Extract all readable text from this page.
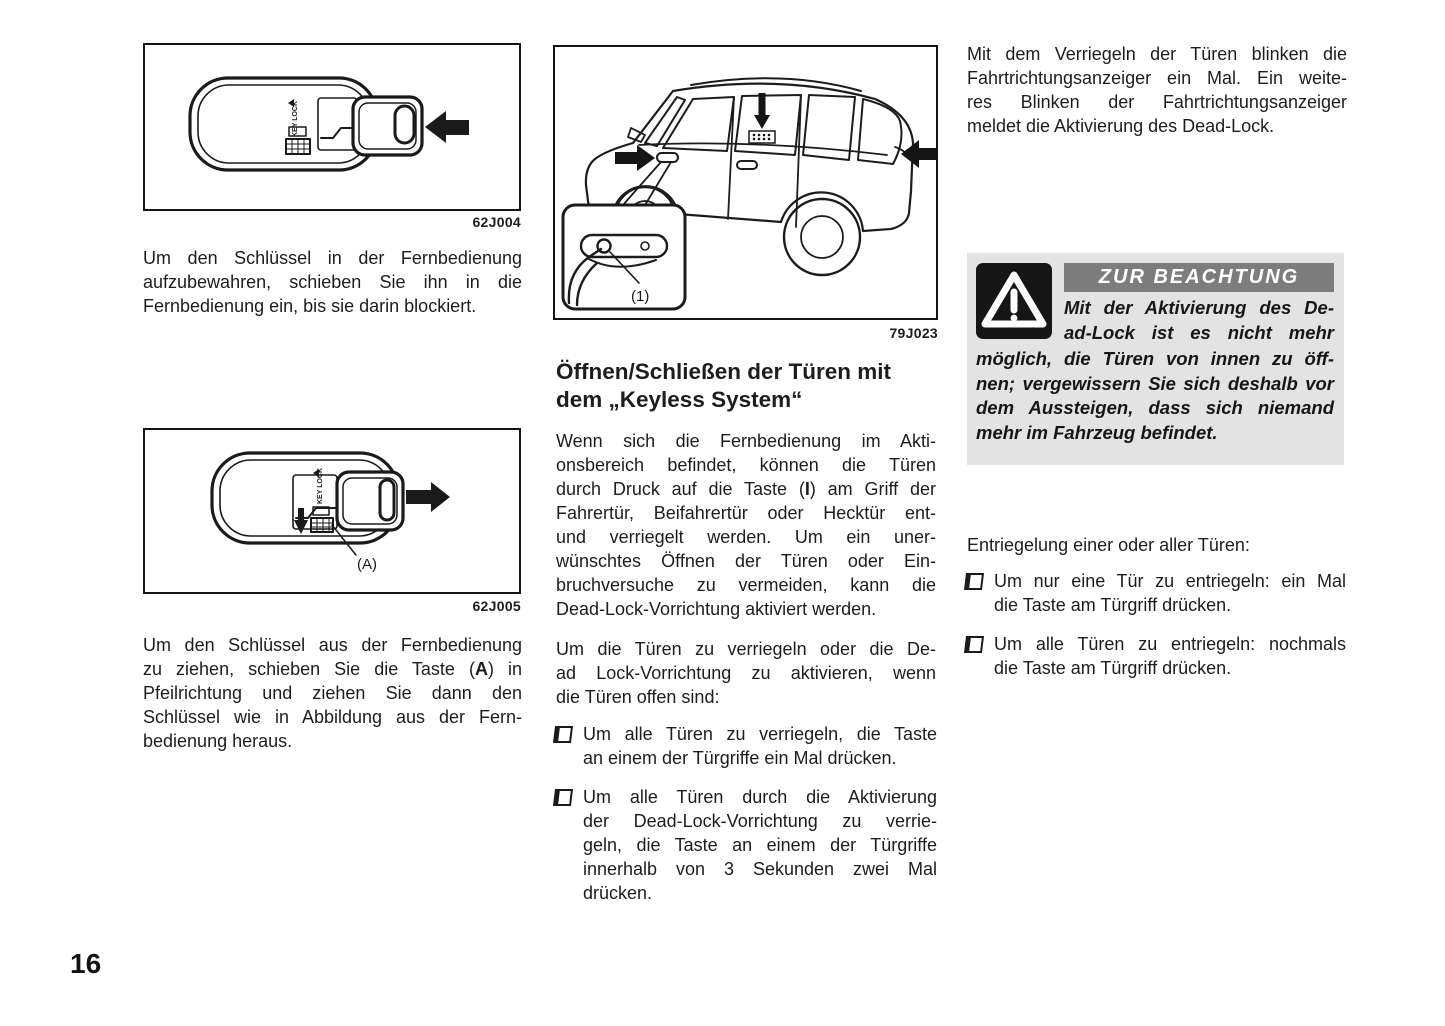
KEY LOCK
62J004
Um den Schlüssel in der Fernbedienung
aufzubewahren, schieben Sie ihn in die
Fernbedienung ein, bis sie darin blockiert.
(A)
KEY LOCK
62J005
Um den Schlüssel aus der Fernbedienung
zu ziehen, schieben Sie die Taste (A) in
Pfeilrichtung und ziehen Sie dann den
Schlüssel wie in Abbildung aus der Fern-
bedienung heraus.
(1)
79J023
Öffnen/Schließen der Türen mit
dem „Keyless System“
Wenn sich die Fernbedienung im Akti-
onsbereich befindet, können die Türen
durch Druck auf die Taste (I) am Griff der
Fahrertür, Beifahrertür oder Hecktür ent-
und verriegelt werden. Um ein uner-
wünschtes Öffnen der Türen oder Ein-
bruchversuche zu vermeiden, kann die
Dead-Lock-Vorrichtung aktiviert werden.
Um die Türen zu verriegeln oder die De-
ad Lock-Vorrichtung zu aktivieren, wenn
die Türen offen sind:
Um alle Türen zu verriegeln, die Taste
an einem der Türgriffe ein Mal drücken.
Um alle Türen durch die Aktivierung
der Dead-Lock-Vorrichtung zu verrie-
geln, die Taste an einem der Türgriffe
innerhalb von 3 Sekunden zwei Mal
drücken.
Mit dem Verriegeln der Türen blinken die
Fahrtrichtungsanzeiger ein Mal. Ein weite-
res Blinken der Fahrtrichtungsanzeiger
meldet die Aktivierung des Dead-Lock.
ZUR BEACHTUNG
Mit der Aktivierung des De-
ad-Lock ist es nicht mehr
möglich, die Türen von innen zu öff-
nen; vergewissern Sie sich deshalb vor
dem Aussteigen, dass sich niemand
mehr im Fahrzeug befindet.
Entriegelung einer oder aller Türen:
Um nur eine Tür zu entriegeln: ein Mal
die Taste am Türgriff drücken.
Um alle Türen zu entriegeln: nochmals
die Taste am Türgriff drücken.
16
